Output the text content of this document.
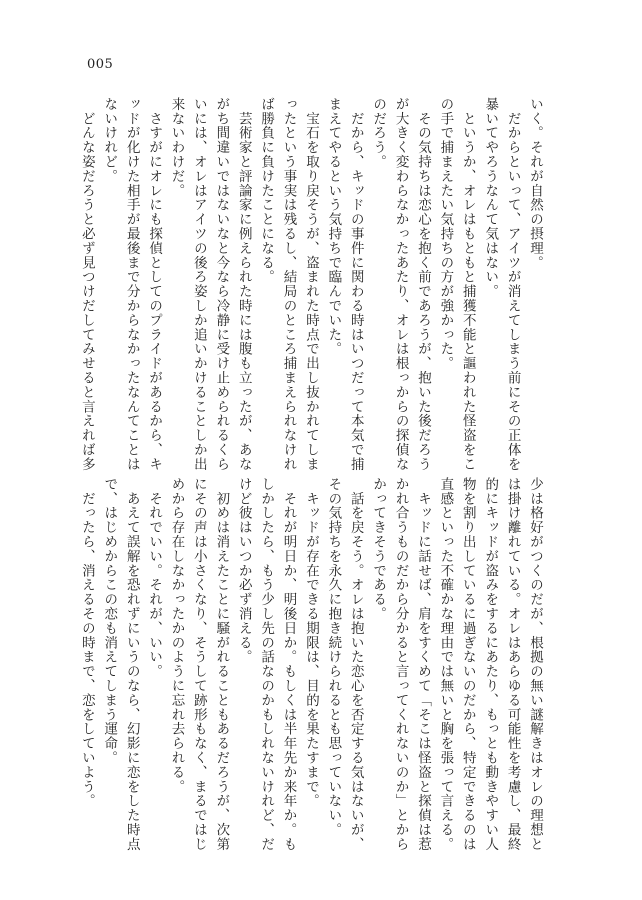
005
いく。それが自然の摂理。
　だからといって、アイツが消えてしまう前にその正体を
暴いてやろうなんて気はない。
　というか、オレはもともと捕獲不能と謳われた怪盗をこ
の手で捕まえたい気持ちの方が強かった。
　その気持ちは恋心を抱く前であろうが、抱いた後だろう
が大きく変わらなかったあたり、オレは根っからの探偵な
のだろう。
　だから、キッドの事件に関わる時はいつだって本気で捕
まえてやるという気持ちで臨んでいた。
　宝石を取り戻そうが、盗まれた時点で出し抜かれてしま
ったという事実は残るし、結局のところ捕まえられなけれ
ば勝負に負けたことになる。
　芸術家と評論家に例えられた時には腹も立ったが、あな
がち間違いではないなと今なら冷静に受け止められるくら
いには、オレはアイツの後ろ姿しか追いかけることしか出
来ないわけだ。
　さすがにオレにも探偵としてのプライドがあるから、キ
ッドが化けた相手が最後まで分からなかったなんてことは
ないけれど。
　どんな姿だろうと必ず見つけだしてみせると言えれば多
少は格好がつくのだが、根拠の無い謎解きはオレの理想と
は掛け離れている。オレはあらゆる可能性を考慮し、最終
的にキッドが盗みをするにあたり、もっとも動きやすい人
物を割り出しているに過ぎないのだから、特定できるのは
直感といった不確かな理由では無いと胸を張って言える。
　キッドに話せば、肩をすくめて「そこは怪盗と探偵は惹
かれ合うものだから分かると言ってくれないのか」とから
かってきそうである。
　話を戻そう。オレは抱いた恋心を否定する気はないが、
その気持ちを永久に抱き続けられるとも思っていない。
　キッドが存在できる期限は、目的を果たすまで。
　それが明日か、明後日か。もしくは半年先か来年か。も
しかしたら、もう少し先の話なのかもしれないけれど、だ
けど彼はいつか必ず消える。
　初めは消えたことに騒がれることもあるだろうが、次第
にその声は小さくなり、そうして跡形もなく、まるではじ
めから存在しなかったかのように忘れ去られる。
　それでいい。それが、いい。
　あえて誤解を恐れずにいうのなら、幻影に恋をした時点
で、はじめからこの恋も消えてしまう運命。
　だったら、消えるその時まで、恋をしていよう。
